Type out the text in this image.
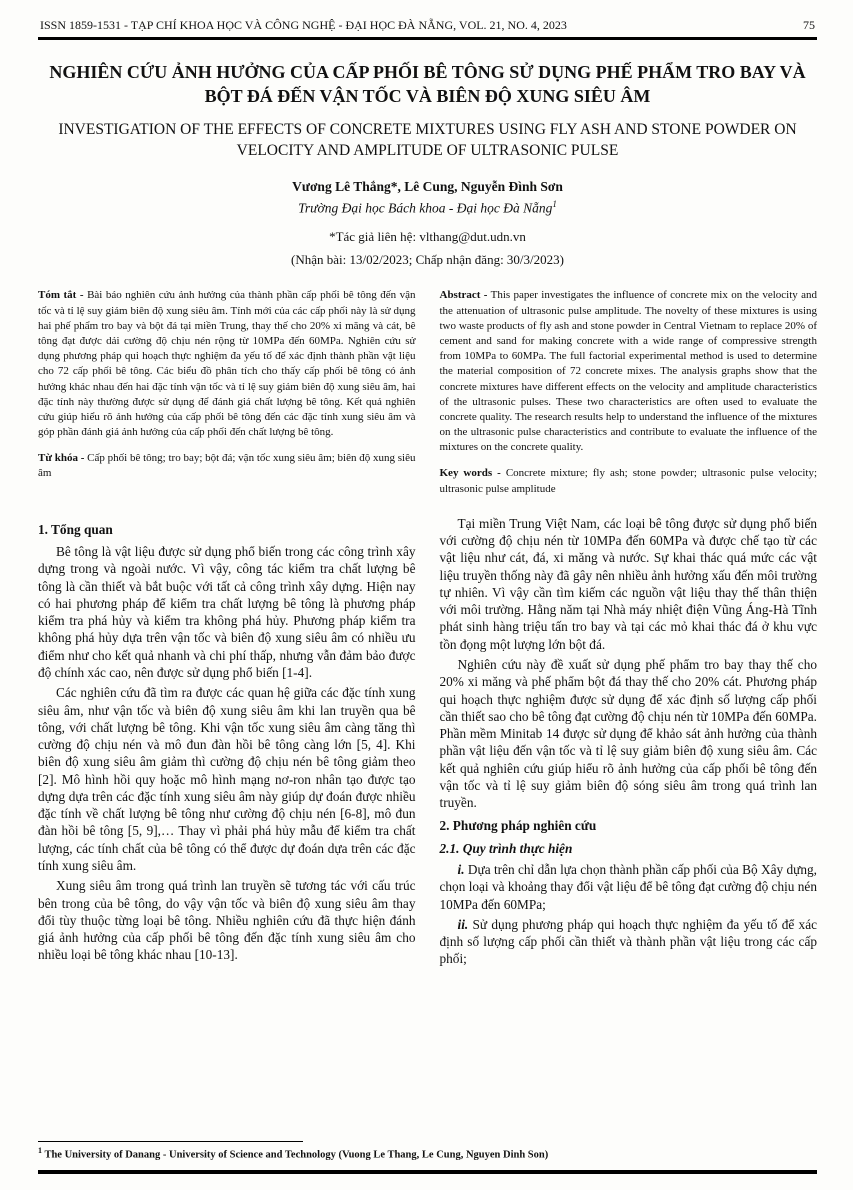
ISSN 1859-1531 - TẠP CHÍ KHOA HỌC VÀ CÔNG NGHỆ - ĐẠI HỌC ĐÀ NẴNG, VOL. 21, NO. 4, 2023	75
NGHIÊN CỨU ẢNH HƯỞNG CỦA CẤP PHỐI BÊ TÔNG SỬ DỤNG PHẾ PHẨM TRO BAY VÀ BỘT ĐÁ ĐẾN VẬN TỐC VÀ BIÊN ĐỘ XUNG SIÊU ÂM
INVESTIGATION OF THE EFFECTS OF CONCRETE MIXTURES USING FLY ASH AND STONE POWDER ON VELOCITY AND AMPLITUDE OF ULTRASONIC PULSE
Vương Lê Thắng*, Lê Cung, Nguyễn Đình Sơn
Trường Đại học Bách khoa - Đại học Đà Nẵng$^1$
*Tác giả liên hệ: vlthang@dut.udn.vn
(Nhận bài: 13/02/2023; Chấp nhận đăng: 30/3/2023)

Tóm tắt - Bài báo nghiên cứu ảnh hưởng của thành phần cấp phối bê tông đến vận tốc và tỉ lệ suy giảm biên độ xung siêu âm. Tính mới của các cấp phối này là sử dụng hai phế phẩm tro bay và bột đá tại miền Trung, thay thế cho 20% xi măng và cát, bê tông đạt được dải cường độ chịu nén rộng từ 10MPa đến 60MPa. Nghiên cứu sử dụng phương pháp qui hoạch thực nghiệm đa yếu tố để xác định thành phần vật liệu cho 72 cấp phối bê tông. Các biểu đồ phân tích cho thấy cấp phối bê tông có ảnh hưởng khác nhau đến hai đặc tính vận tốc và tỉ lệ suy giảm biên độ xung siêu âm, hai đặc tính này thường được sử dụng để đánh giá chất lượng bê tông. Kết quả nghiên cứu giúp hiểu rõ ảnh hưởng của cấp phối bê tông đến các đặc tính xung siêu âm và góp phần đánh giá ảnh hưởng của cấp phối đến chất lượng bê tông.

Từ khóa - Cấp phối bê tông; tro bay; bột đá; vận tốc xung siêu âm; biên độ xung siêu âm

Abstract - This paper investigates the influence of concrete mix on the velocity and the attenuation of ultrasonic pulse amplitude. The novelty of these mixtures is using two waste products of fly ash and stone powder in Central Vietnam to replace 20% of cement and sand for making concrete with a wide range of compressive strength from 10MPa to 60MPa. The full factorial experimental method is used to determine the material composition of 72 concrete mixes. The analysis graphs show that the concrete mixtures have different effects on the velocity and amplitude characteristics of the ultrasonic pulses. These two characteristics are often used to evaluate the concrete quality. The research results help to understand the influence of the mixtures on the ultrasonic pulse characteristics and contribute to evaluate the influence of the mixtures on the concrete quality.

Key words - Concrete mixture; fly ash; stone powder; ultrasonic pulse velocity; ultrasonic pulse amplitude

1. Tổng quan

Bê tông là vật liệu được sử dụng phổ biến trong các công trình xây dựng trong và ngoài nước. Vì vậy, công tác kiểm tra chất lượng bê tông là cần thiết và bắt buộc với tất cả công trình xây dựng. Hiện nay có hai phương pháp để kiểm tra chất lượng bê tông là phương pháp kiểm tra phá hủy và kiểm tra không phá hủy. Phương pháp kiểm tra không phá hủy dựa trên vận tốc và biên độ xung siêu âm có nhiều ưu điểm như cho kết quả nhanh và chi phí thấp, nhưng vẫn đảm bảo được độ chính xác cao, nên được sử dụng phổ biến [1-4].

Các nghiên cứu đã tìm ra được các quan hệ giữa các đặc tính xung siêu âm, như vận tốc và biên độ xung siêu âm khi lan truyền qua bê tông, với chất lượng bê tông. Khi vận tốc xung siêu âm càng tăng thì cường độ chịu nén và mô đun đàn hồi bê tông càng lớn [5, 4]. Khi biên độ xung siêu âm giảm thì cường độ chịu nén bê tông giảm theo [2]. Mô hình hồi quy hoặc mô hình mạng nơ-ron nhân tạo được tạo dựng dựa trên các đặc tính xung siêu âm này giúp dự đoán được nhiều đặc tính về chất lượng bê tông như cường độ chịu nén [6-8], mô đun đàn hồi bê tông [5, 9],… Thay vì phải phá hủy mẫu để kiểm tra chất lượng, các tính chất của bê tông có thể được dự đoán dựa trên các đặc tính xung siêu âm.

Xung siêu âm trong quá trình lan truyền sẽ tương tác với cấu trúc bên trong của bê tông, do vậy vận tốc và biên độ xung siêu âm thay đổi tùy thuộc từng loại bê tông. Nhiều nghiên cứu đã thực hiện đánh giá ảnh hưởng của cấp phối bê tông đến đặc tính xung siêu âm cho nhiều loại bê tông khác nhau [10-13].

Tại miền Trung Việt Nam, các loại bê tông được sử dụng phổ biến với cường độ chịu nén từ 10MPa đến 60MPa và được chế tạo từ các vật liệu như cát, đá, xi măng và nước. Sự khai thác quá mức các vật liệu truyền thống này đã gây nên nhiều ảnh hưởng xấu đến môi trường tự nhiên. Vì vậy cần tìm kiếm các nguồn vật liệu thay thế thân thiện với môi trường. Hằng năm tại Nhà máy nhiệt điện Vũng Áng-Hà Tĩnh phát sinh hàng triệu tấn tro bay và tại các mỏ khai thác đá ở khu vực tồn đọng một lượng lớn bột đá.

Nghiên cứu này đề xuất sử dụng phế phẩm tro bay thay thế cho 20% xi măng và phế phẩm bột đá thay thế cho 20% cát. Phương pháp qui hoạch thực nghiệm được sử dụng để xác định số lượng cấp phối cần thiết sao cho bê tông đạt cường độ chịu nén từ 10MPa đến 60MPa. Phần mềm Minitab 14 được sử dụng để khảo sát ảnh hưởng của thành phần vật liệu đến vận tốc và tỉ lệ suy giảm biên độ xung siêu âm. Các kết quả nghiên cứu giúp hiểu rõ ảnh hưởng của cấp phối bê tông đến vận tốc và tỉ lệ suy giảm biên độ sóng siêu âm trong quá trình lan truyền.

2. Phương pháp nghiên cứu
2.1. Quy trình thực hiện

i. Dựa trên chỉ dẫn lựa chọn thành phần cấp phối của Bộ Xây dựng, chọn loại và khoảng thay đổi vật liệu để bê tông đạt cường độ chịu nén 10MPa đến 60MPa;

ii. Sử dụng phương pháp qui hoạch thực nghiệm đa yếu tố để xác định số lượng cấp phối cần thiết và thành phần vật liệu trong các cấp phối;

$^1$ The University of Danang - University of Science and Technology (Vuong Le Thang, Le Cung, Nguyen Dinh Son)
